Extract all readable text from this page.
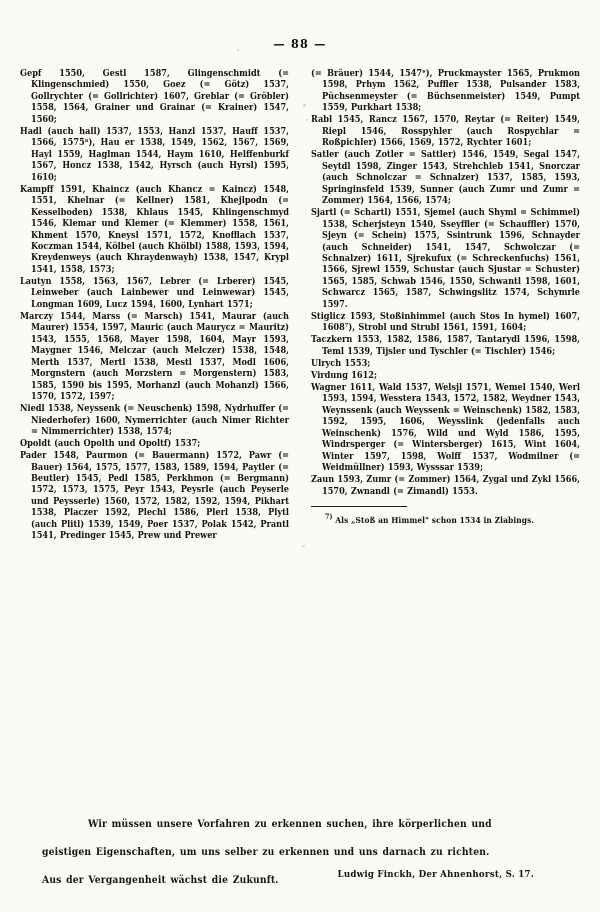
— 88 —

Gepf 1550, Gestl 1587, Glingenschmidt (= Klingenschmied) 1550, Goez (= Götz) 1537, Gollrychter (= Gollrichter) 1607, Greblar (= Gröbler) 1558, 1564, Grainer und Grainar (= Krainer) 1547, 1560;

Hadl (auch hall) 1537, 1553, Hanzl 1537, Hauff 1537, 1566, 1575ᵃ), Hau er 1538, 1549, 1562, 1567, 1569, Hayl 1559, Haglman 1544, Haym 1610, Helffenburkf 1567, Honcz 1538, 1542, Hyrsch (auch Hyrsl) 1595, 1610;

Kampff 1591, Khaincz (auch Khancz = Kaincz) 1548, 1551, Khelnar (= Kellner) 1581, Khejlpodn (= Kesselboden) 1538, Khlaus 1545, Khlingenschmyd 1546, Klemar und Klemer (= Klemmer) 1558, 1561, Khment 1570, Kneysl 1571, 1572, Knofflach 1537, Koczman 1544, Kölbel (auch Khölbl) 1588, 1593, 1594, Kreydenweys (auch Khraydenwayh) 1538, 1547, Krypl 1541, 1558, 1573;

Lautyn 1558, 1563, 1567, Lebrer (= Lrberer) 1545, Leinweber (auch Lainbewer und Leinwewar) 1545, Longman 1609, Lucz 1594, 1600, Lynhart 1571;

Marczy 1544, Marss (= Marsch) 1541, Maurar (auch Maurer) 1554, 1597, Mauric (auch Maurycz = Mauritz) 1543, 1555, 1568, Mayer 1598, 1604, Mayr 1593, Maygner 1546, Melczar (auch Melczer) 1538, 1548, Merth 1537, Mertl 1538, Mestl 1537, Modl 1606, Morgnstern (auch Morzstern = Morgenstern) 1583, 1585, 1590 bis 1595, Morhanzl (auch Mohanzl) 1566, 1570, 1572, 1597;

Niedl 1538, Neyssenk (= Neuschenk) 1598, Nydrhuffer (= Niederhofer) 1600, Nymerrichter (auch Nimer Richter = Nimmerrichter) 1538, 1574;

Opoldt (auch Opolth und Opoltf) 1537;

Pader 1548, Paurmon (= Bauermann) 1572, Pawr (= Bauer) 1564, 1575, 1577, 1583, 1589, 1594, Paytler (= Beutler) 1545, Pedl 1585, Perkhmon (= Bergmann) 1572, 1573, 1575, Peyr 1543, Peysrle (auch Peyserle und Peysserle) 1560, 1572, 1582, 1592, 1594, Pikhart 1538, Placzer 1592, Plechl 1586, Plerl 1538, Plytl (auch Plitl) 1539, 1549, Poer 1537, Polak 1542, Prantl 1541, Predinger 1545, Prew und Prewer

(= Bräuer) 1544, 1547ᵉ), Pruckmayster 1565, Prukmon 1598, Prhym 1562, Puffler 1538, Pulsander 1583, Püchsenmeyster (= Büchsenmeister) 1549, Pumpt 1559, Purkhart 1538;

Rabl 1545, Rancz 1567, 1570, Reytar (= Reiter) 1549, Riepl 1546, Rosspyhler (auch Rospychlar = Roßpichler) 1566, 1569, 1572, Rychter 1601;

Satler (auch Zotler = Sattler) 1546, 1549, Segal 1547, Seytdl 1598, Zinger 1543, Strehchleb 1541, Snorczar (auch Schnolczar = Schnalzer) 1537, 1585, 1593, Springinsfeld 1539, Sunner (auch Zumr und Zumr = Zommer) 1564, 1566, 1574;

Sjartl (= Schartl) 1551, Sjemel (auch Shyml = Schimmel) 1538, Scherjsteyn 1540, Sseyffler (= Schauffler) 1570, Sjeyn (= Schein) 1575, Ssintrunk 1596, Schnayder (auch Schneider) 1541, 1547, Schwolczar (= Schnalzer) 1611, Sjrekufux (= Schreckenfuchs) 1561, 1566, Sjrewl 1559, Schustar (auch Sjustar = Schuster) 1565, 1585, Schwab 1546, 1550, Schwantl 1598, 1601, Schwarcz 1565, 1587, Schwingslitz 1574, Schymrle 1597.

Stiglicz 1593, Stoßinhimmel (auch Stos In hymel) 1607, 1608⁷), Strobl und Strubl 1561, 1591, 1604;

Taczkern 1553, 1582, 1586, 1587, Tantarydl 1596, 1598, Teml 1539, Tijsler und Tyschler (= Tischler) 1546;

Ulrych 1553;

Virdung 1612;

Wagner 1611, Wald 1537, Welsjl 1571, Wemel 1540, Werl 1593, 1594, Wesstera 1543, 1572, 1582, Weydner 1543, Weynssenk (auch Weyssenk = Weinschenk) 1582, 1583, 1592, 1595, 1606, Weysslink (jedenfalls auch Weinschenk) 1576, Wild und Wyld 1586, 1595, Windrsperger (= Wintersberger) 1615, Wint 1604, Winter 1597, 1598, Wolff 1537, Wodmilner (= Weidmüllner) 1593, Wysssar 1539;

Zaun 1593, Zumr (= Zommer) 1564, Zygal und Zykl 1566, 1570, Zwnandl (= Zimandl) 1553.

$^{7)}$ Als „Stoß an Himmel" schon 1534 in Zlabings.

Wir müssen unsere Vorfahren zu erkennen suchen, ihre körperlichen und

geistigen Eigenschaften, um uns selber zu erkennen und uns darnach zu richten.

Aus der Vergangenheit wächst die Zukunft.	Ludwig Finckh, Der Ahnenhorst, S. 17.
